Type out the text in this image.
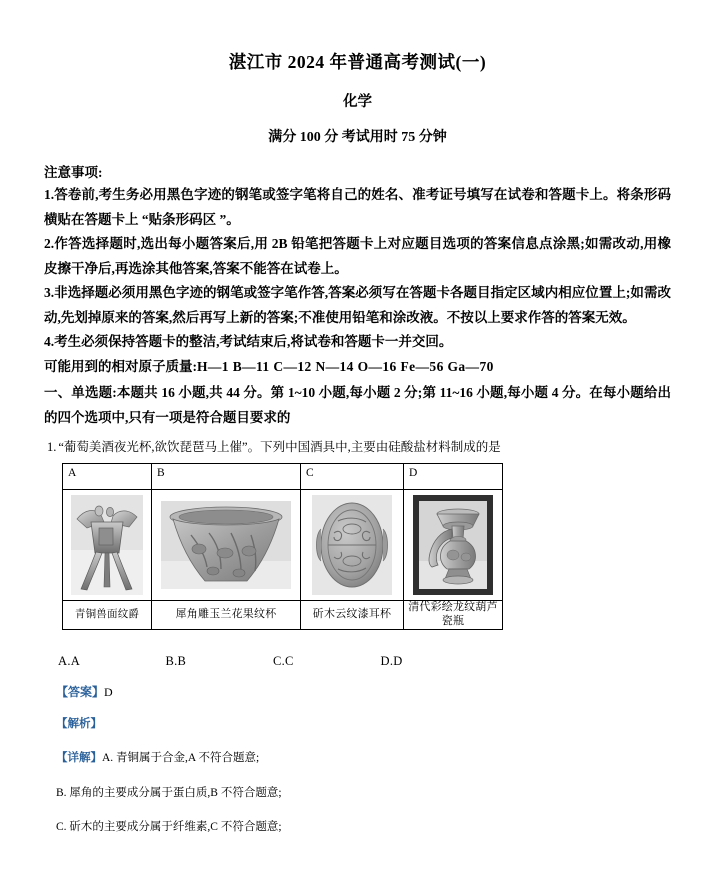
湛江市 2024 年普通高考测试(一)
化学
满分 100 分 考试用时 75 分钟
注意事项:

1.答卷前,考生务必用黑色字迹的钢笔或签字笔将自己的姓名、准考证号填写在试卷和答题卡上。将条形码横贴在答题卡上 “贴条形码区 ”。

2.作答选择题时,选出每小题答案后,用 2B 铅笔把答题卡上对应题目选项的答案信息点涂黑;如需改动,用橡皮擦干净后,再选涂其他答案,答案不能答在试卷上。

3.非选择题必须用黑色字迹的钢笔或签字笔作答,答案必须写在答题卡各题目指定区域内相应位置上;如需改动,先划掉原来的答案,然后再写上新的答案;不准使用铅笔和涂改液。不按以上要求作答的答案无效。

4.考生必须保持答题卡的整洁,考试结束后,将试卷和答题卡一并交回。

可能用到的相对原子质量:H—1 B—11 C—12 N—14 O—16 Fe—56 Ga—70

一、单选题:本题共 16 小题,共 44 分。第 1~10 小题,每小题 2 分;第 11~16 小题,每小题 4 分。在每小题给出的四个选项中,只有一项是符合题目要求的

1. “葡萄美酒夜光杯,欲饮琵琶马上催”。下列中国酒具中,主要由硅酸盐材料制成的是

A	B	C	D

青铜兽面纹爵	犀角雕玉兰花果纹杯	斫木云纹漆耳杯	清代彩绘龙纹葫芦瓷瓶
A.A	B.B	C.C	D.D
【答案】D
【解析】
【详解】A. 青铜属于合金,A 不符合题意;
B. 犀角的主要成分属于蛋白质,B 不符合题意;
C. 斫木的主要成分属于纤维素,C 不符合题意;
